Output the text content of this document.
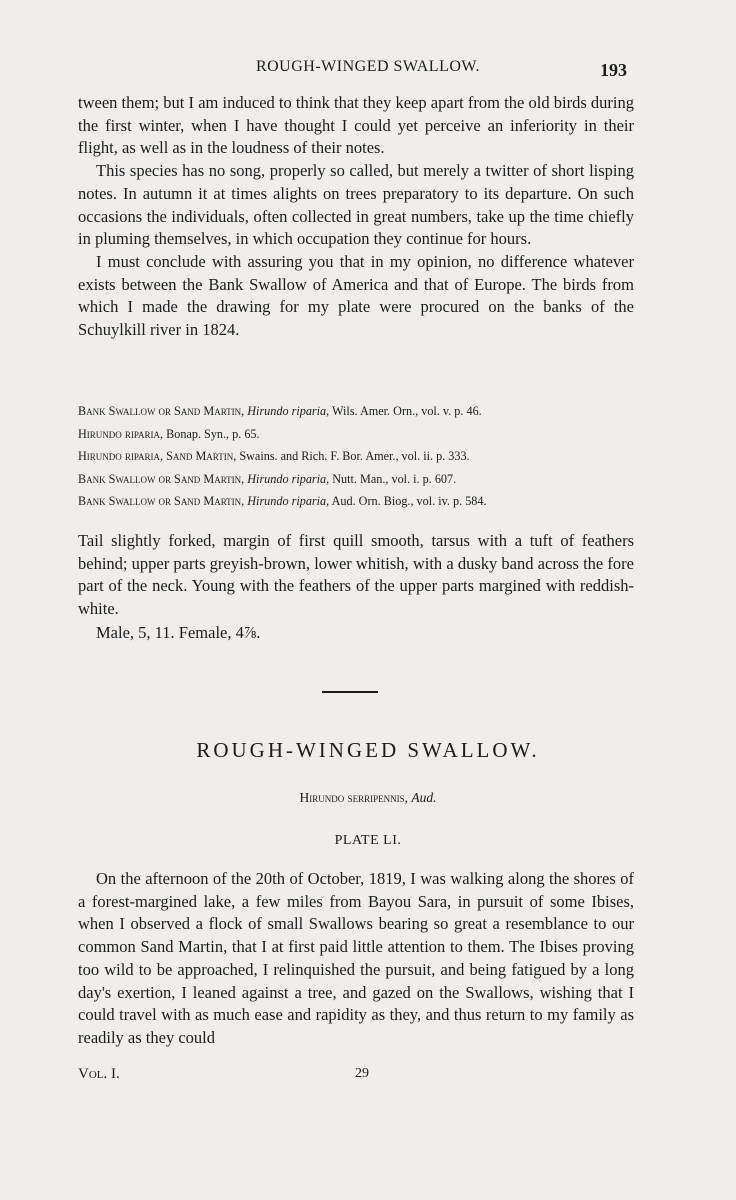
ROUGH-WINGED SWALLOW.	193

tween them; but I am induced to think that they keep apart from the old birds during the first winter, when I have thought I could yet perceive an inferiority in their flight, as well as in the loudness of their notes.

This species has no song, properly so called, but merely a twitter of short lisping notes. In autumn it at times alights on trees preparatory to its departure. On such occasions the individuals, often collected in great numbers, take up the time chiefly in pluming themselves, in which occupation they continue for hours.

I must conclude with assuring you that in my opinion, no difference whatever exists between the Bank Swallow of America and that of Europe. The birds from which I made the drawing for my plate were procured on the banks of the Schuylkill river in 1824.

Bank Swallow or Sand Martin, Hirundo riparia, Wils. Amer. Orn., vol. v. p. 46.

Hirundo riparia, Bonap. Syn., p. 65.

Hirundo riparia, Sand Martin, Swains. and Rich. F. Bor. Amer., vol. ii. p. 333.

Bank Swallow or Sand Martin, Hirundo riparia, Nutt. Man., vol. i. p. 607.

Bank Swallow or Sand Martin, Hirundo riparia, Aud. Orn. Biog., vol. iv. p. 584.

Tail slightly forked, margin of first quill smooth, tarsus with a tuft of feathers behind; upper parts greyish-brown, lower whitish, with a dusky band across the fore part of the neck. Young with the feathers of the upper parts margined with reddish-white.

Male, 5, 11. Female, 4⅞.
ROUGH-WINGED SWALLOW.
Hirundo serripennis, Aud.
PLATE LI.

On the afternoon of the 20th of October, 1819, I was walking along the shores of a forest-margined lake, a few miles from Bayou Sara, in pursuit of some Ibises, when I observed a flock of small Swallows bearing so great a resemblance to our common Sand Martin, that I at first paid little attention to them. The Ibises proving too wild to be approached, I relinquished the pursuit, and being fatigued by a long day's exertion, I leaned against a tree, and gazed on the Swallows, wishing that I could travel with as much ease and rapidity as they, and thus return to my family as readily as they could

Vol. I.	29
